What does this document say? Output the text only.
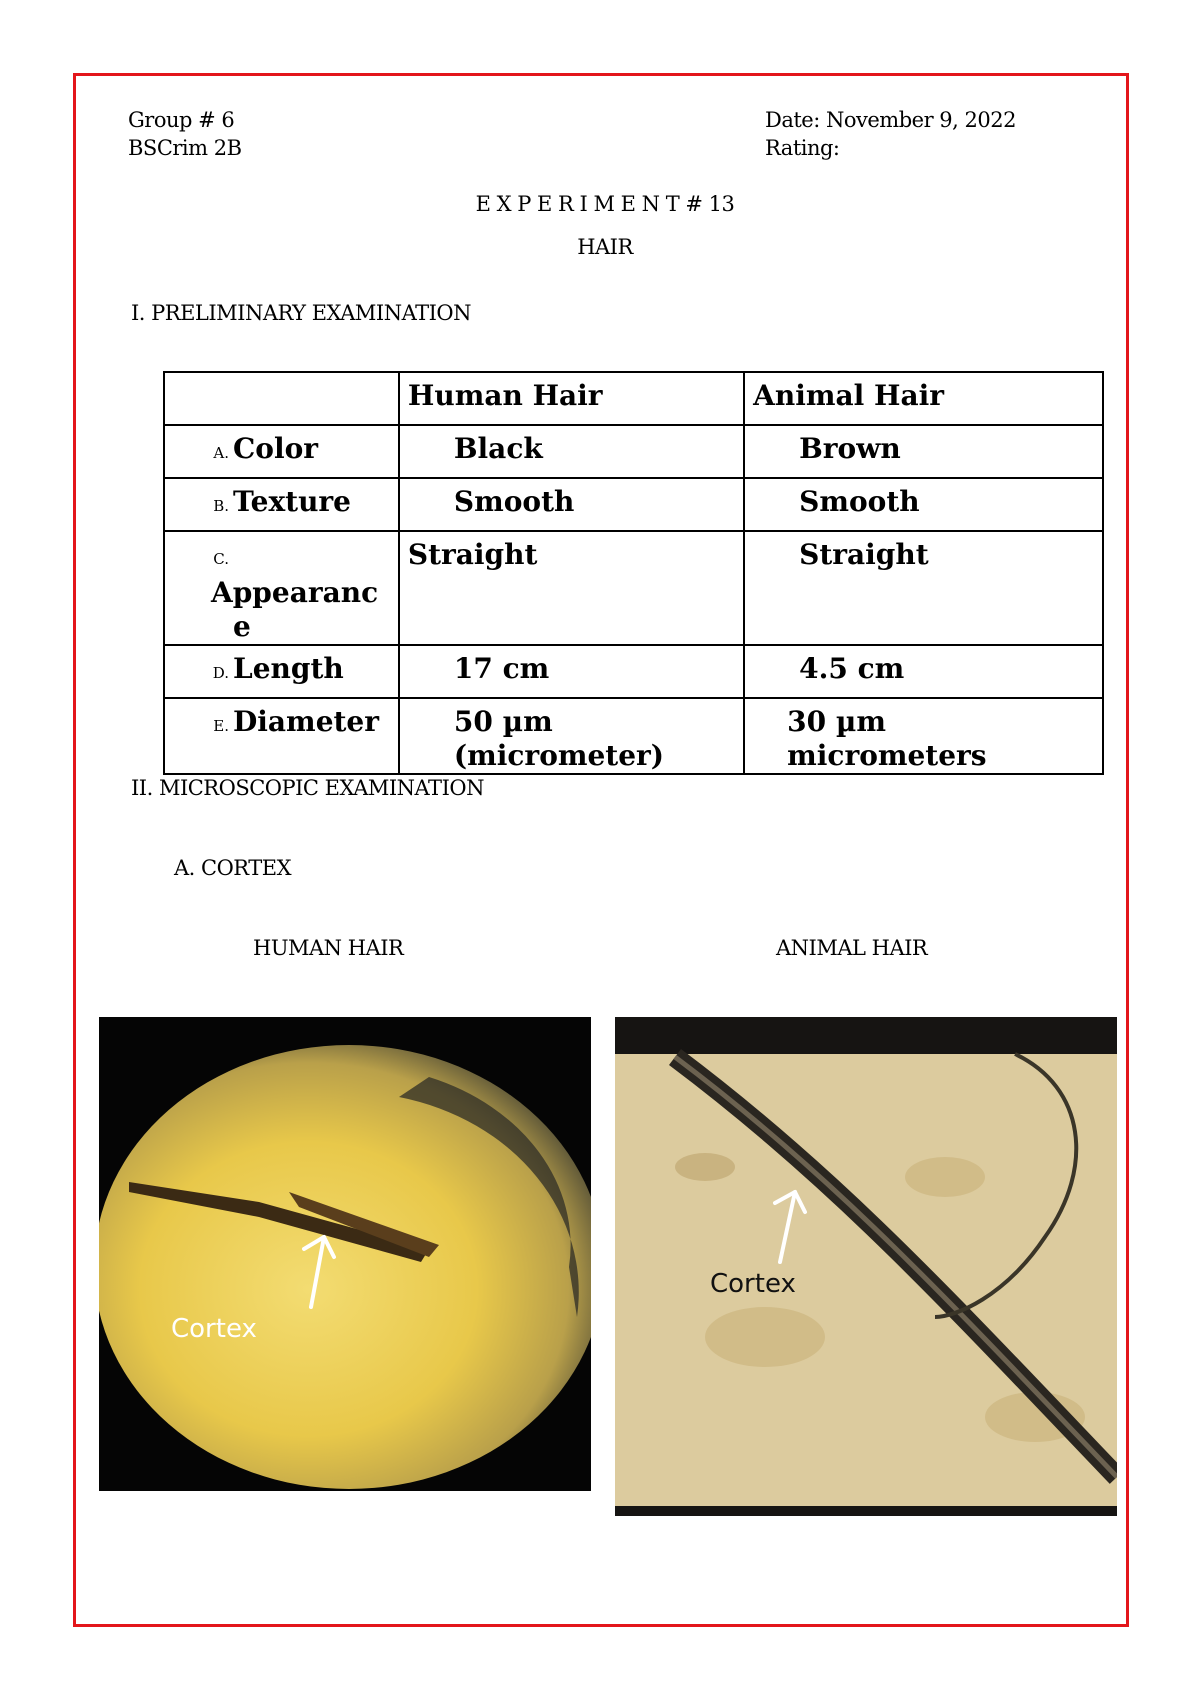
Group # 6
BSCrim 2B
Date: November 9, 2022
Rating:
E X P E R I M E N T # 13
HAIR
I. PRELIMINARY EXAMINATION

	Human Hair	Animal Hair

A. Color	Black	Brown

B. Texture	Smooth	Smooth

C.Appearanc
e	Straight	Straight

D. Length	17 cm	4.5 cm

E. Diameter	50 µm (micrometer)	30 µm micrometers
II. MICROSCOPIC EXAMINATION
A. CORTEX
HUMAN HAIR	ANIMAL HAIR
Cortex
Cortex
